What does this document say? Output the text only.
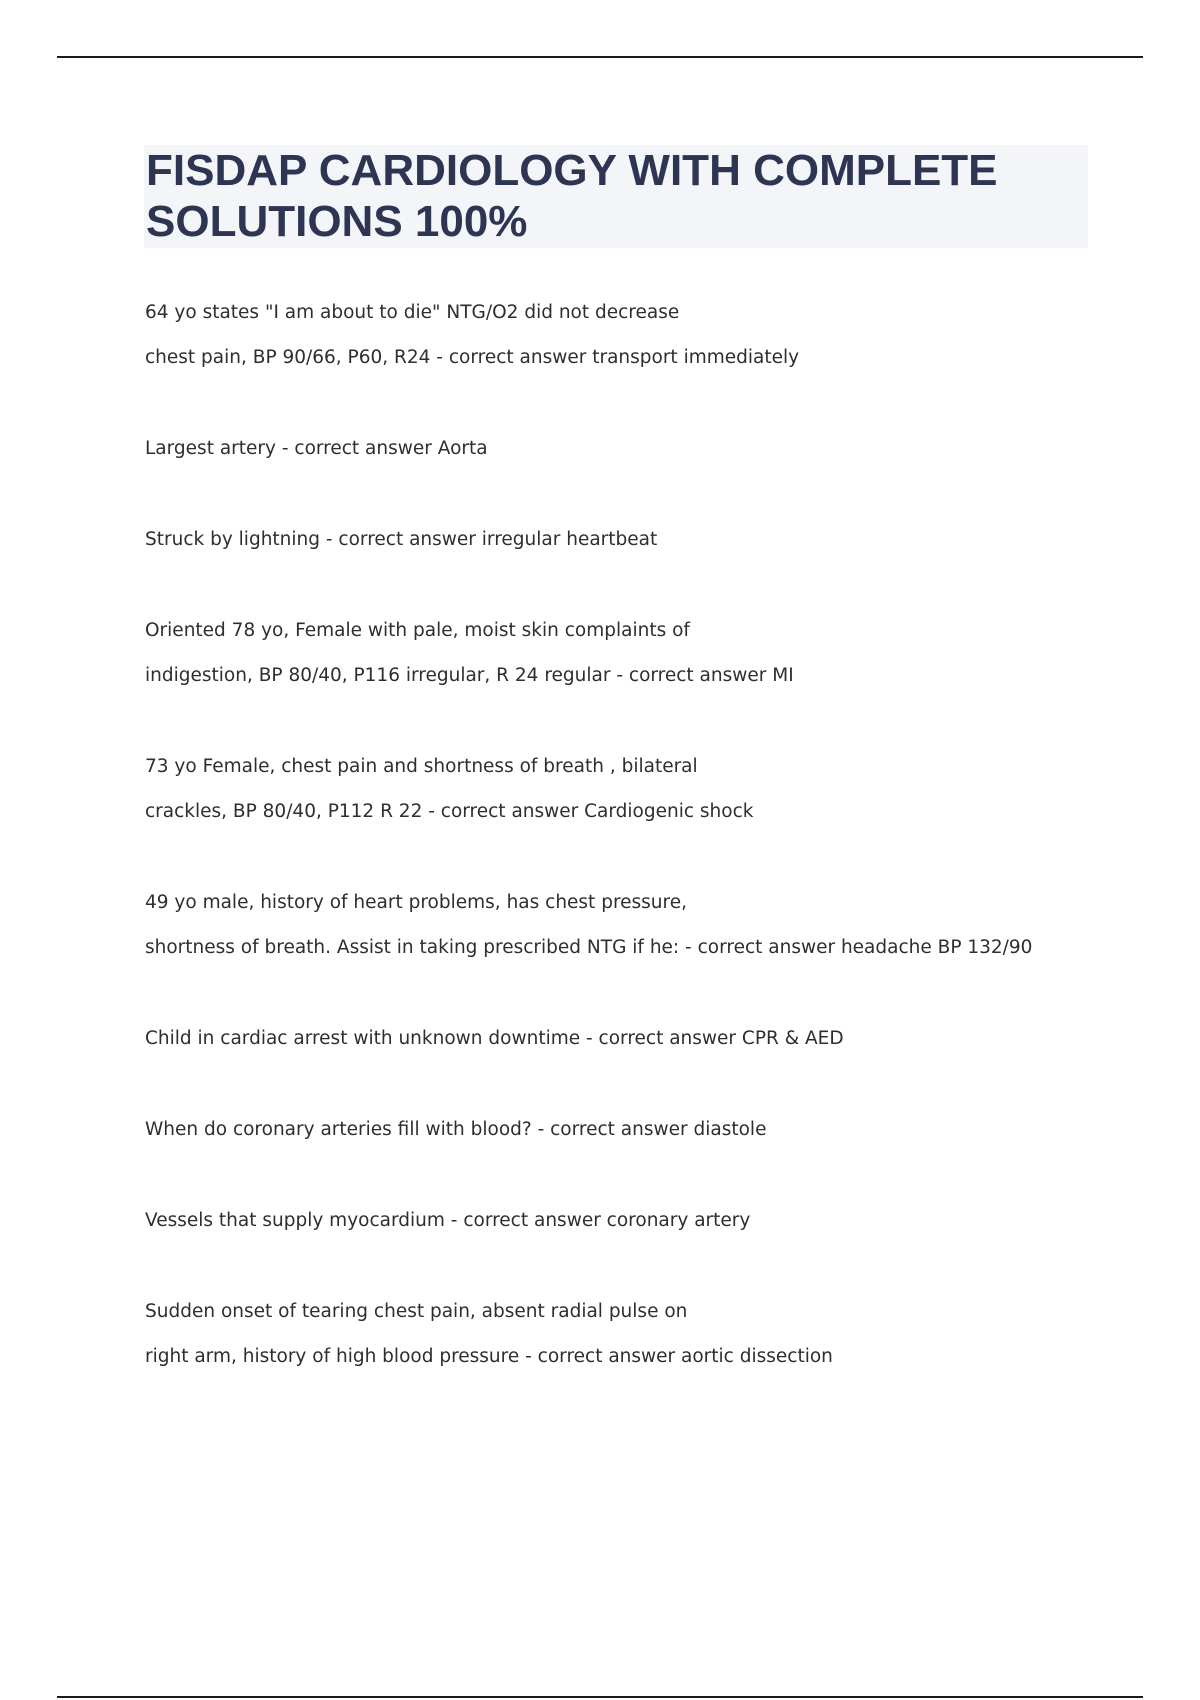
FISDAP CARDIOLOGY WITH COMPLETE
SOLUTIONS 100%
64 yo states "I am about to die" NTG/O2 did not decrease
chest pain, BP 90/66, P60, R24 - correct answer transport immediately
Largest artery - correct answer Aorta
Struck by lightning - correct answer irregular heartbeat
Oriented 78 yo, Female with pale, moist skin complaints of
indigestion, BP 80/40, P116 irregular, R 24 regular - correct answer MI
73 yo Female, chest pain and shortness of breath , bilateral
crackles, BP 80/40, P112 R 22 - correct answer Cardiogenic shock
49 yo male, history of heart problems, has chest pressure,
shortness of breath. Assist in taking prescribed NTG if he: - correct answer headache BP 132/90
Child in cardiac arrest with unknown downtime - correct answer CPR & AED
When do coronary arteries fill with blood? - correct answer diastole
Vessels that supply myocardium - correct answer coronary artery
Sudden onset of tearing chest pain, absent radial pulse on
right arm, history of high blood pressure - correct answer aortic dissection
